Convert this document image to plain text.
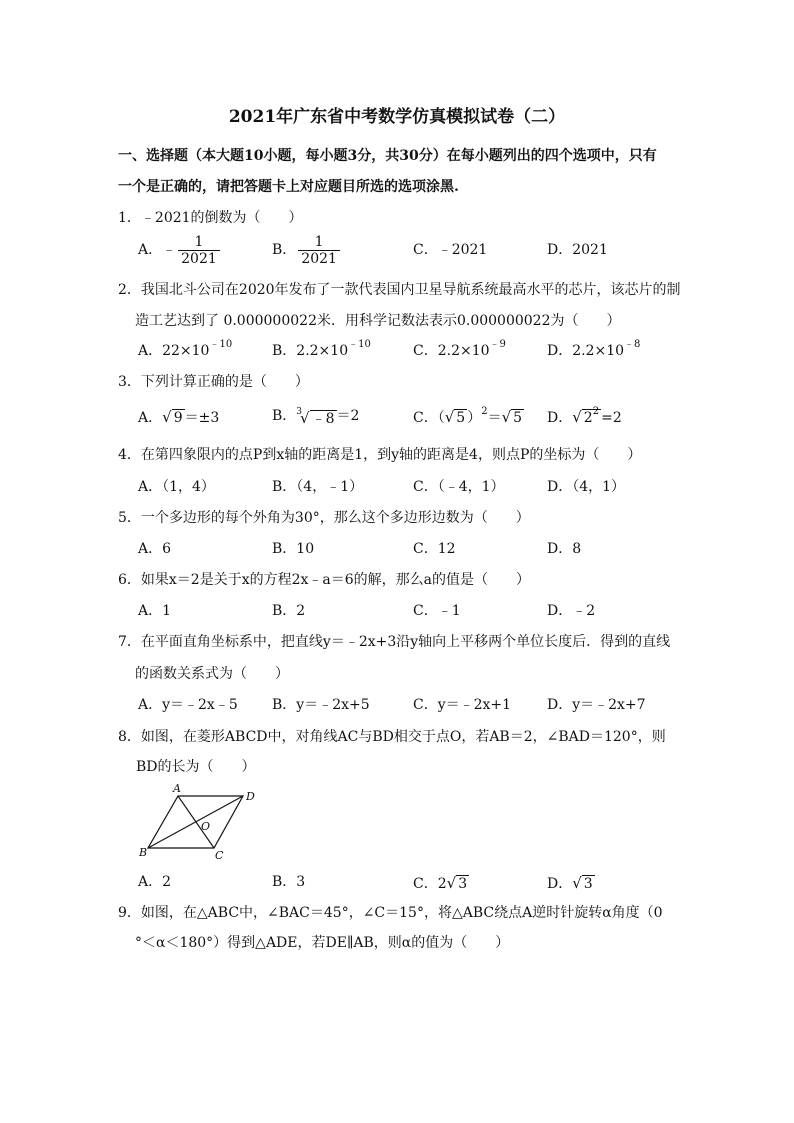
2021年广东省中考数学仿真模拟试卷（二）
一、选择题（本大题10小题，每小题3分，共30分）在每小题列出的四个选项中，只有
一个是正确的，请把答题卡上对应题目所选的选项涂黑.
1．﹣2021的倒数为（　　）
A．﹣ $\frac{1}{2021}$	B． $\frac{1}{2021}$	C．﹣2021	D．2021
2．我国北斗公司在2020年发布了一款代表国内卫星导航系统最高水平的芯片，该芯片的制
造工艺达到了 0.000000022米．用科学记数法表示0.000000022为（　　）
A．$22\times 10^{﹣10}$	B．$2.2\times 10^{﹣10}$	C．$2.2\times 10^{﹣9}$	D．$2.2\times 10^{﹣8}$
3．下列计算正确的是（　　）
A． √ 9 ＝±3	B． 3
√ ﹣8 ＝2	C．（ √ 5 ）$^2$＝ √ 5 D． √ $2^2 =2$
4．在第四象限内的点P到x轴的距离是1，到y轴的距离是4，则点P的坐标为（　　）
A．（1，4）	B．（4，﹣1）	C．（﹣4，1）	D．（4，1）
5．一个多边形的每个外角为30°，那么这个多边形边数为（　　）
A．6	B．10	C．12	D．8
6．如果x＝2是关于x的方程2x﹣a＝6的解，那么a的值是（　　）
A．1	B．2	C．﹣1	D．﹣2
7．在平面直角坐标系中，把直线y＝﹣2x+3沿y轴向上平移两个单位长度后．得到的直线
的函数关系式为（　　）
A．y＝﹣2x﹣5 B．y＝﹣2x+5	C．y＝﹣2x+1	D．y＝﹣2x+7
8．如图，在菱形ABCD中，对角线AC与BD相交于点O，若AB＝2，∠BAD＝120°，则
BD的长为（　　）
A
D
O
B	C
A．2	B．3	C．2 √ 3	D． √ 3
9．如图，在△ABC中，∠BAC＝45°，∠C＝15°，将△ABC绕点A逆时针旋转α角度（0
°＜α＜180°）得到△ADE，若DE∥AB，则α的值为（　　）
